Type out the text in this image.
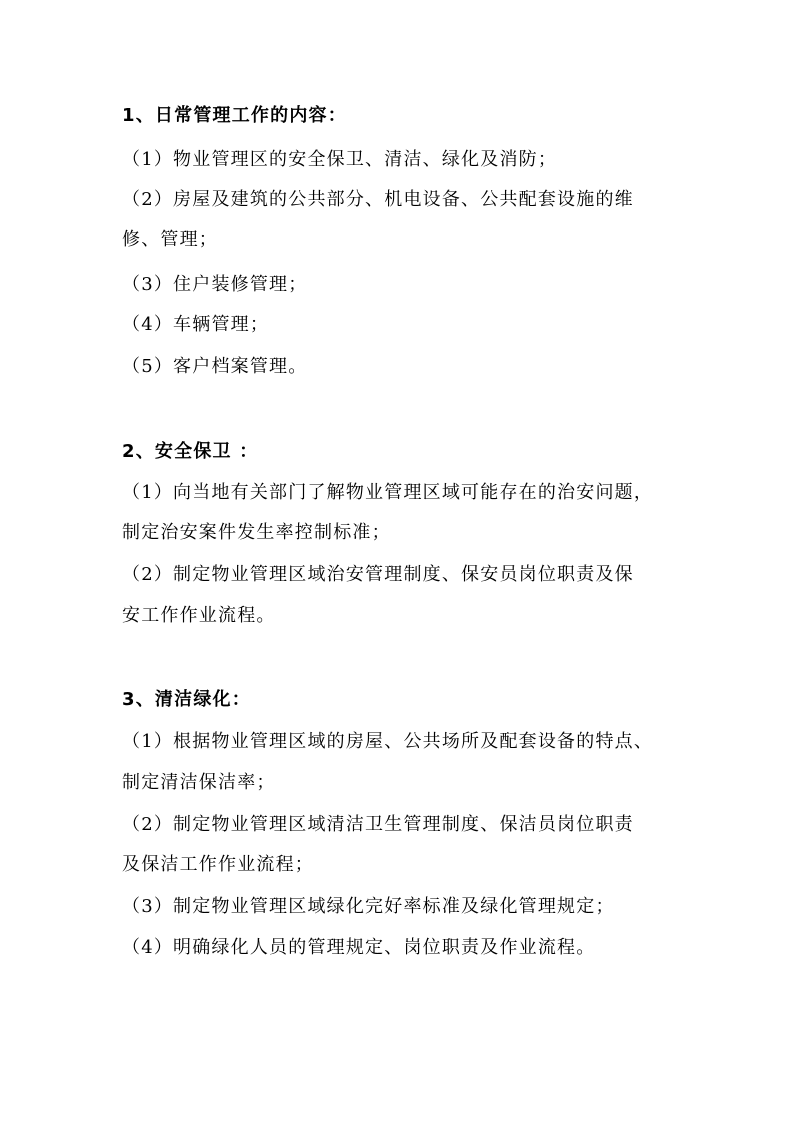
1、日常管理工作的内容：
（1）物业管理区的安全保卫、清洁、绿化及消防；
（2）房屋及建筑的公共部分、机电设备、公共配套设施的维
修、管理；
（3）住户装修管理；
（4）车辆管理；
（5）客户档案管理。
2、安全保卫 ：
（1）向当地有关部门了解物业管理区域可能存在的治安问题，
制定治安案件发生率控制标准；
（2）制定物业管理区域治安管理制度、保安员岗位职责及保
安工作作业流程。
3、清洁绿化：
（1）根据物业管理区域的房屋、公共场所及配套设备的特点、
制定清洁保洁率；
（2）制定物业管理区域清洁卫生管理制度、保洁员岗位职责
及保洁工作作业流程；
（3）制定物业管理区域绿化完好率标准及绿化管理规定；
（4）明确绿化人员的管理规定、岗位职责及作业流程。
